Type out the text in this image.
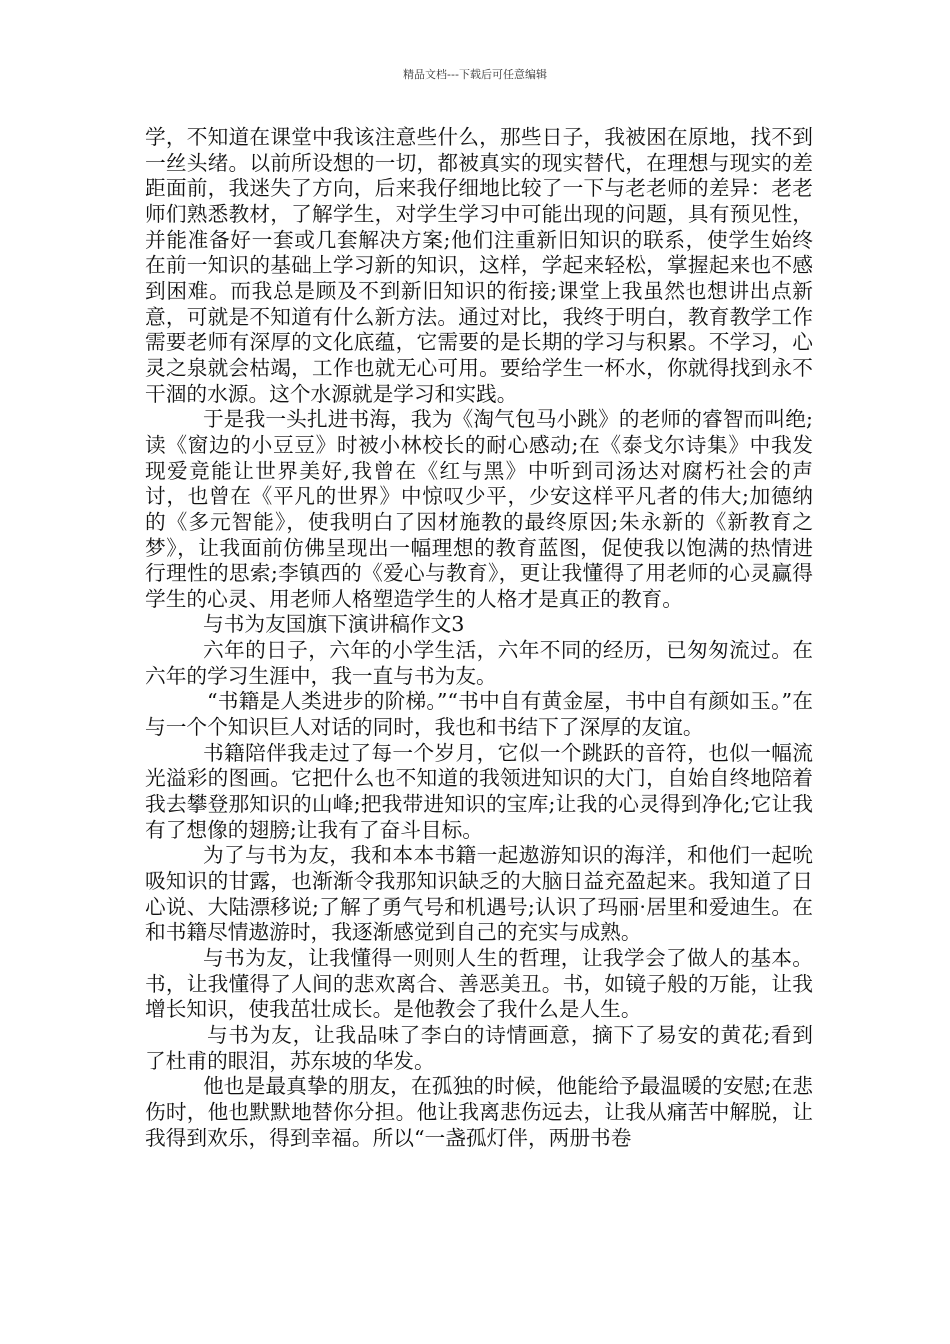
精品文档---下载后可任意编辑

学，不知道在课堂中我该注意些什么，那些日子，我被困在原地，找不到一丝头绪。以前所设想的一切，都被真实的现实替代，在理想与现实的差距面前，我迷失了方向，后来我仔细地比较了一下与老老师的差异：老老师们熟悉教材，了解学生，对学生学习中可能出现的问题，具有预见性，并能准备好一套或几套解决方案;他们注重新旧知识的联系，使学生始终在前一知识的基础上学习新的知识，这样，学起来轻松，掌握起来也不感到困难。而我总是顾及不到新旧知识的衔接;课堂上我虽然也想讲出点新意，可就是不知道有什么新方法。通过对比，我终于明白，教育教学工作需要老师有深厚的文化底蕴，它需要的是长期的学习与积累。不学习，心灵之泉就会枯竭，工作也就无心可用。要给学生一杯水，你就得找到永不干涸的水源。这个水源就是学习和实践。

于是我一头扎进书海，我为《淘气包马小跳》的老师的睿智而叫绝;读《窗边的小豆豆》时被小林校长的耐心感动;在《泰戈尔诗集》中我发现爱竟能让世界美好,我曾在《红与黑》中听到司汤达对腐朽社会的声讨，也曾在《平凡的世界》中惊叹少平，少安这样平凡者的伟大;加德纳的《多元智能》，使我明白了因材施教的最终原因;朱永新的《新教育之梦》，让我面前仿佛呈现出一幅理想的教育蓝图，促使我以饱满的热情进行理性的思索;李镇西的《爱心与教育》，更让我懂得了用老师的心灵赢得学生的心灵、用老师人格塑造学生的人格才是真正的教育。

与书为友国旗下演讲稿作文3

六年的日子，六年的小学生活，六年不同的经历，已匆匆流过。在六年的学习生涯中，我一直与书为友。

“书籍是人类进步的阶梯。”“书中自有黄金屋，书中自有颜如玉。”在与一个个知识巨人对话的同时，我也和书结下了深厚的友谊。

书籍陪伴我走过了每一个岁月，它似一个跳跃的音符，也似一幅流光溢彩的图画。它把什么也不知道的我领进知识的大门，自始自终地陪着我去攀登那知识的山峰;把我带进知识的宝库;让我的心灵得到净化;它让我有了想像的翅膀;让我有了奋斗目标。

为了与书为友，我和本本书籍一起遨游知识的海洋，和他们一起吮吸知识的甘露，也渐渐令我那知识缺乏的大脑日益充盈起来。我知道了日心说、大陆漂移说;了解了勇气号和机遇号;认识了玛丽·居里和爱迪生。在和书籍尽情遨游时，我逐渐感觉到自己的充实与成熟。

与书为友，让我懂得一则则人生的哲理，让我学会了做人的基本。书，让我懂得了人间的悲欢离合、善恶美丑。书，如镜子般的万能，让我增长知识，使我茁壮成长。是他教会了我什么是人生。

与书为友，让我品味了李白的诗情画意，摘下了易安的黄花;看到了杜甫的眼泪，苏东坡的华发。

他也是最真挚的朋友，在孤独的时候，他能给予最温暖的安慰;在悲伤时，他也默默地替你分担。他让我离悲伤远去，让我从痛苦中解脱，让我得到欢乐，得到幸福。所以“一盏孤灯伴，两册书卷
